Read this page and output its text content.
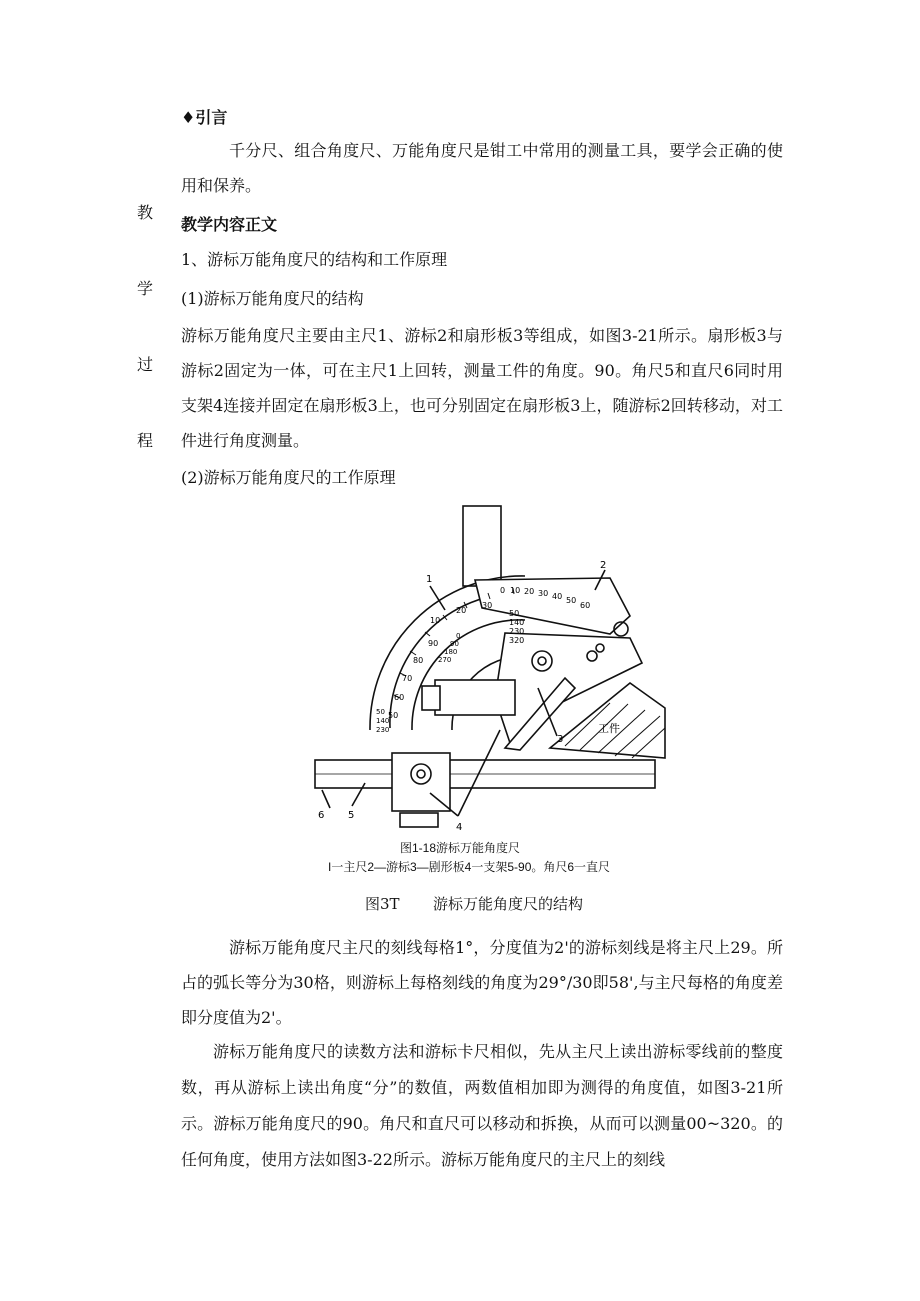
♦引言
千分尺、组合角度尺、万能角度尺是钳工中常用的测量工具，要学会正确的使用和保养。
教
学
过
程
教学内容正文
1、游标万能角度尺的结构和工作原理
(1)游标万能角度尺的结构
游标万能角度尺主要由主尺1、游标2和扇形板3等组成，如图3-21所示。扇形板3与游标2固定为一体，可在主尺1上回转，测量工件的角度。90。角尺5和直尺6同时用支架4连接并固定在扇形板3上，也可分别固定在扇形板3上，随游标2回转移动，对工件进行角度测量。
(2)游标万能角度尺的工作原理
1
2
3
4
5
6
工件
0 10 20 30 40 50
60
50
140
230
320
10
20
30
90
80
70
60
50
0
90
180
270
50
140
230
图1-18游标万能角度尺
I一主尺2—游标3—剧形板4一支架5-90。角尺6一直尺
图3T 游标万能角度尺的结构
游标万能角度尺主尺的刻线每格1°，分度值为2'的游标刻线是将主尺上29。所占的弧长等分为30格，则游标上每格刻线的角度为29°/30即58',与主尺每格的角度差即分度值为2'。
游标万能角度尺的读数方法和游标卡尺相似，先从主尺上读出游标零线前的整度数，再从游标上读出角度“分”的数值，两数值相加即为测得的角度值，如图3-21所示。游标万能角度尺的90。角尺和直尺可以移动和拆换，从而可以测量00~320。的任何角度，使用方法如图3-22所示。游标万能角度尺的主尺上的刻线
